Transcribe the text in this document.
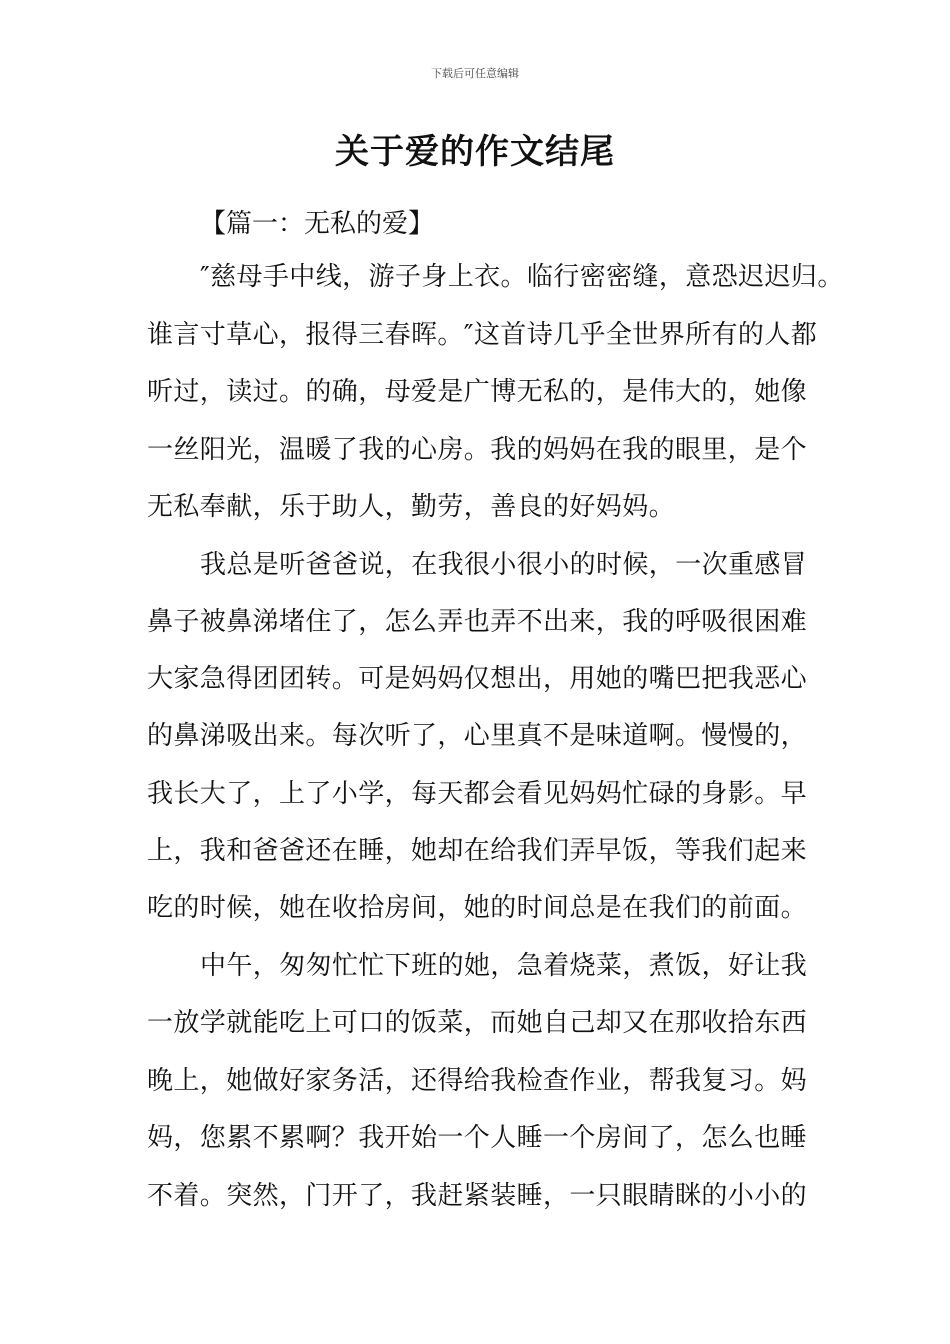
下载后可任意编辑
关于爱的作文结尾
【篇一：无私的爱】
″慈母手中线，游子身上衣。临行密密缝，意恐迟迟归。
谁言寸草心，报得三春晖。″这首诗几乎全世界所有的人都
听过，读过。的确，母爱是广博无私的，是伟大的，她像
一丝阳光，温暖了我的心房。我的妈妈在我的眼里，是个
无私奉献，乐于助人，勤劳，善良的好妈妈。
我总是听爸爸说，在我很小很小的时候，一次重感冒
鼻子被鼻涕堵住了，怎么弄也弄不出来，我的呼吸很困难
大家急得团团转。可是妈妈仅想出，用她的嘴巴把我恶心
的鼻涕吸出来。每次听了，心里真不是味道啊。慢慢的，
我长大了，上了小学，每天都会看见妈妈忙碌的身影。早
上，我和爸爸还在睡，她却在给我们弄早饭，等我们起来
吃的时候，她在收拾房间，她的时间总是在我们的前面。
中午，匆匆忙忙下班的她，急着烧菜，煮饭，好让我
一放学就能吃上可口的饭菜，而她自己却又在那收拾东西
晚上，她做好家务活，还得给我检查作业，帮我复习。妈
妈，您累不累啊？我开始一个人睡一个房间了，怎么也睡
不着。突然，门开了，我赶紧装睡，一只眼睛眯的小小的
